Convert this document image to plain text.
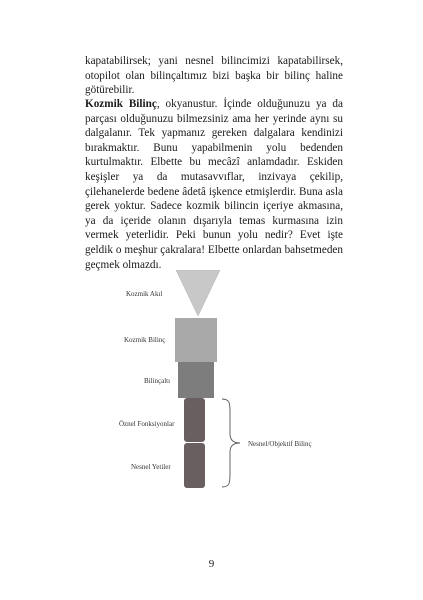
kapatabilirsek; yani nesnel bilincimizi kapatabilirsek, otopilot olan bilinçaltımız bizi başka bir bilinç haline götürebilir.

Kozmik Bilinç, okyanustur. İçinde olduğunuzu ya da parçası olduğunuzu bilmezsiniz ama her yerinde aynı su dalgalanır. Tek yapmanız gereken dalgalara kendinizi bırakmaktır. Bunu yapabilmenin yolu bedenden kurtulmaktır. Elbette bu mecâzî anlamdadır. Eskiden keşişler ya da mutasavvıflar, inzivaya çekilip, çilehanelerde bedene âdetâ işkence etmişlerdir. Buna asla gerek yoktur. Sadece kozmik bilincin içeriye akmasına, ya da içeride olanın dışarıyla temas kurmasına izin vermek yeterlidir. Peki bunun yolu nedir? Evet işte geldik o meşhur çakralara! Elbette onlardan bahsetmeden geçmek olmazdı.

Kozmik Akıl
Kozmik Bilinç
Bilinçaltı
Öznel Fonksiyonlar
Nesnel Yetiler
Nesnel/Objektif Bilinç
9
